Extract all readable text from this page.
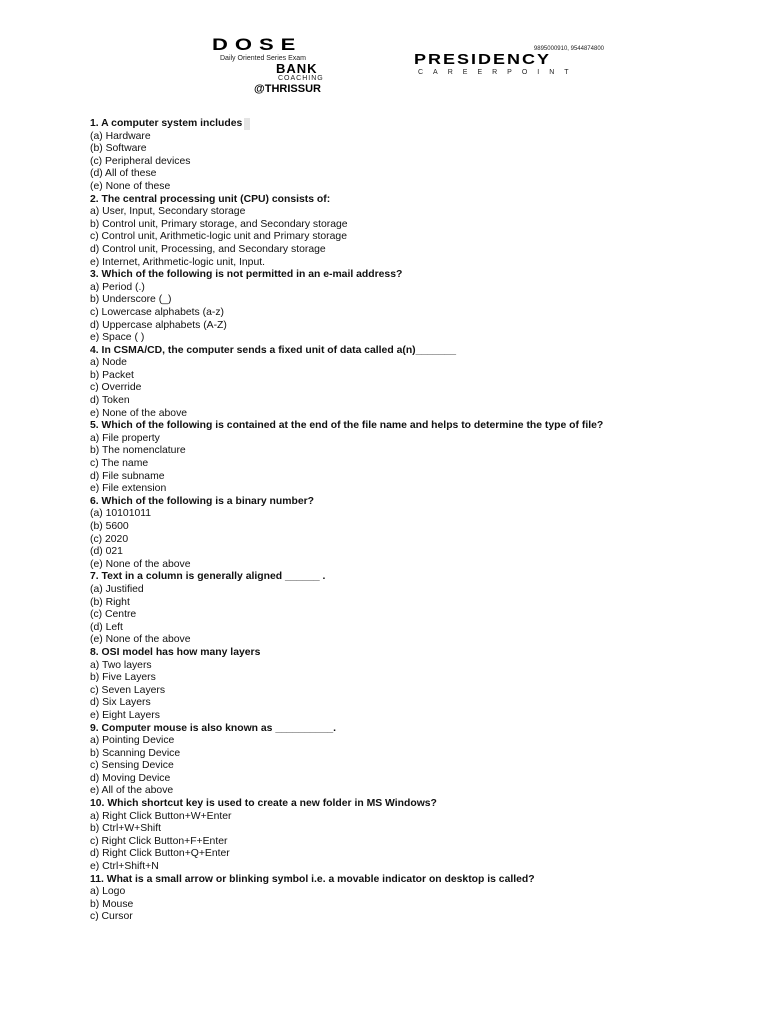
DOSE
Daily Oriented Series Exam
BANK
COACHING
@THRISSUR
9895000910, 9544874800
PRESIDENCY
CAREERPOINT
1. A computer system includes
(a) Hardware
(b) Software
(c) Peripheral devices
(d) All of these
(e) None of these
2. The central processing unit (CPU) consists of:
a) User, Input, Secondary storage
b) Control unit, Primary storage, and Secondary storage
c) Control unit, Arithmetic-logic unit and Primary storage
d) Control unit, Processing, and Secondary storage
e) Internet, Arithmetic-logic unit, Input.
3. Which of the following is not permitted in an e-mail address?
a) Period (.)
b) Underscore (_)
c) Lowercase alphabets (a-z)
d) Uppercase alphabets (A-Z)
e) Space ( )
4. In CSMA/CD, the computer sends a fixed unit of data called a(n)_______
a) Node
b) Packet
c) Override
d) Token
e) None of the above
5. Which of the following is contained at the end of the file name and helps to determine the type of file?
a) File property
b) The nomenclature
c) The name
d) File subname
e) File extension
6. Which of the following is a binary number?
(a) 10101011
(b) 5600
(c) 2020
(d) 021
(e) None of the above
7. Text in a column is generally aligned ______ .
(a) Justified
(b) Right
(c) Centre
(d) Left
(e) None of the above
8. OSI model has how many layers
a) Two layers
b) Five Layers
c) Seven Layers
d) Six Layers
e) Eight Layers
9. Computer mouse is also known as __________.
a) Pointing Device
b) Scanning Device
c) Sensing Device
d) Moving Device
e) All of the above
10. Which shortcut key is used to create a new folder in MS Windows?
a) Right Click Button+W+Enter
b) Ctrl+W+Shift
c) Right Click Button+F+Enter
d) Right Click Button+Q+Enter
e) Ctrl+Shift+N
11. What is a small arrow or blinking symbol i.e. a movable indicator on desktop is called?
a) Logo
b) Mouse
c) Cursor
